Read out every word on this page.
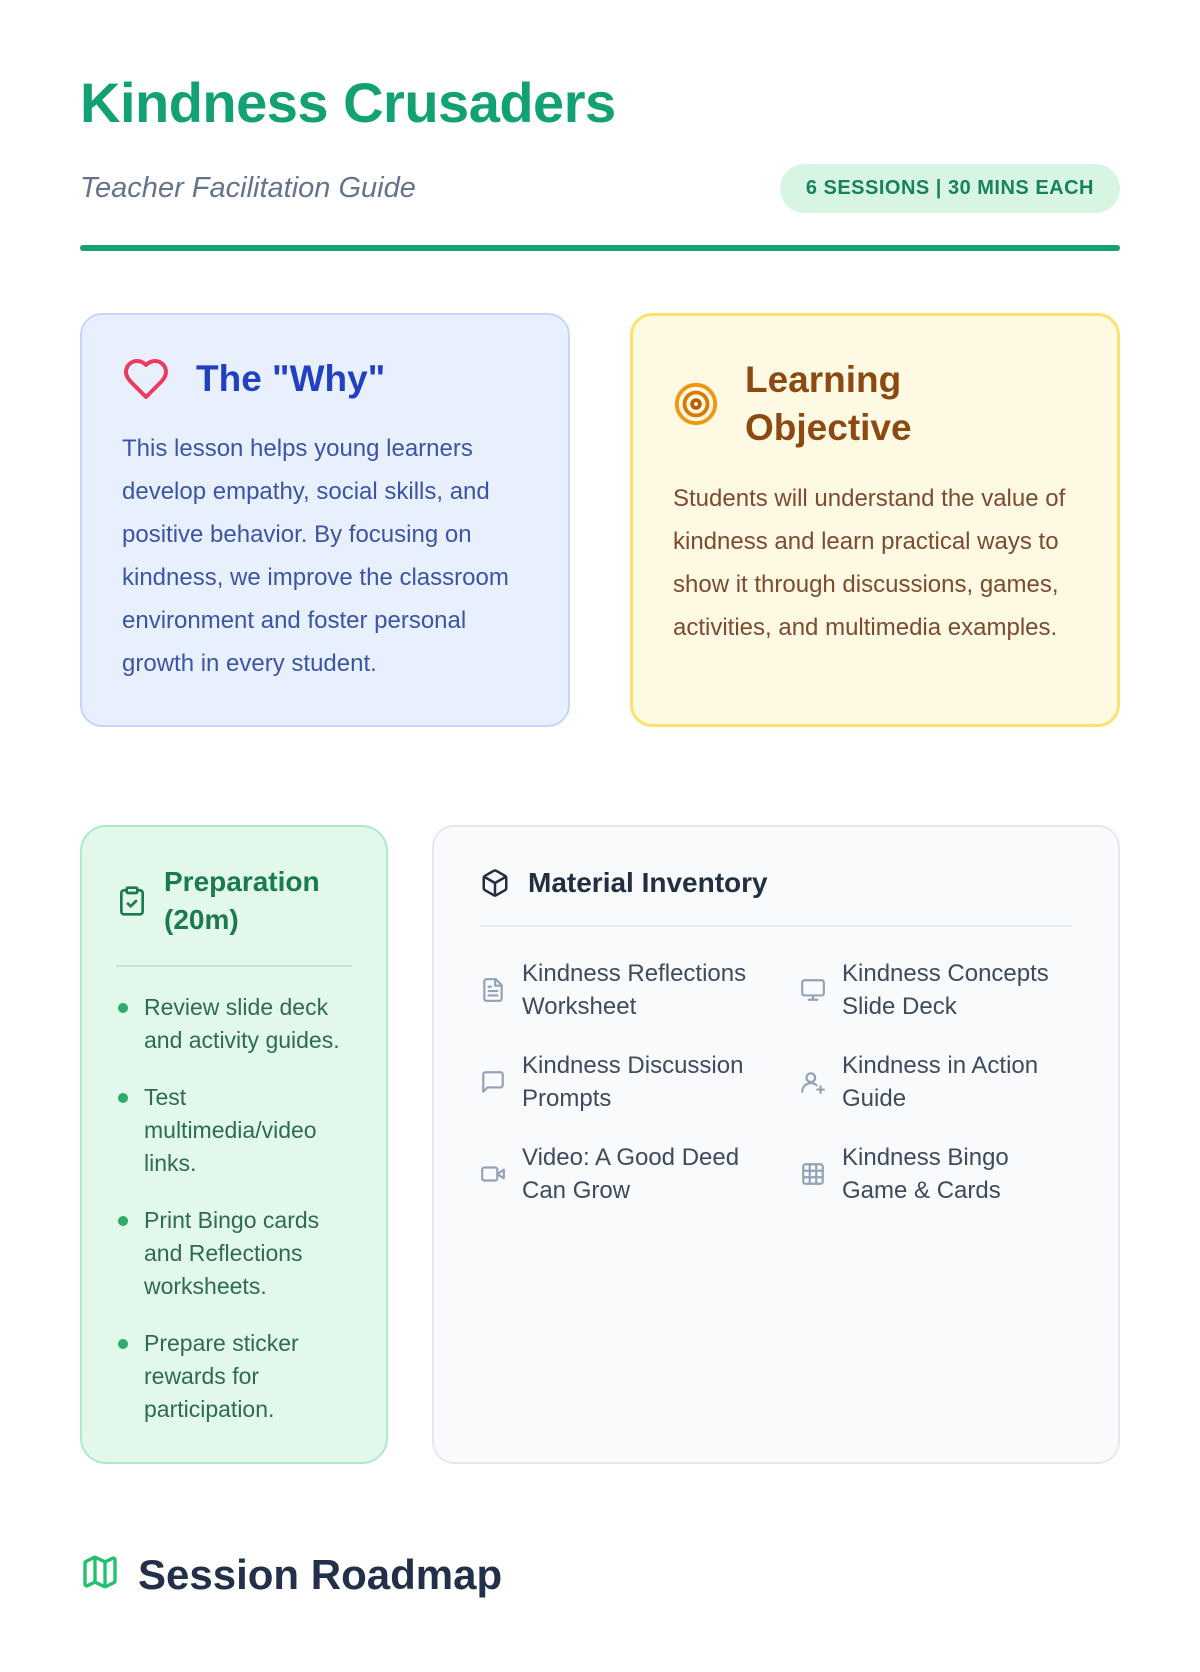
Kindness Crusaders
Teacher Facilitation Guide	6 SESSIONS | 30 MINS EACH
The "Why"
This lesson helps young learners develop empathy, social skills, and positive behavior. By focusing on kindness, we improve the classroom environment and foster personal growth in every student.
Learning Objective
Students will understand the value of kindness and learn practical ways to show it through discussions, games, activities, and multimedia examples.
Preparation (20m)
Review slide deck and activity guides.
Test multimedia/video links.
Print Bingo cards and Reflections worksheets.
Prepare sticker rewards for participation.
Material Inventory
Kindness Reflections Worksheet
Kindness Concepts Slide Deck
Kindness Discussion Prompts
Kindness in Action Guide
Video: A Good Deed Can Grow
Kindness Bingo Game & Cards
Session Roadmap
